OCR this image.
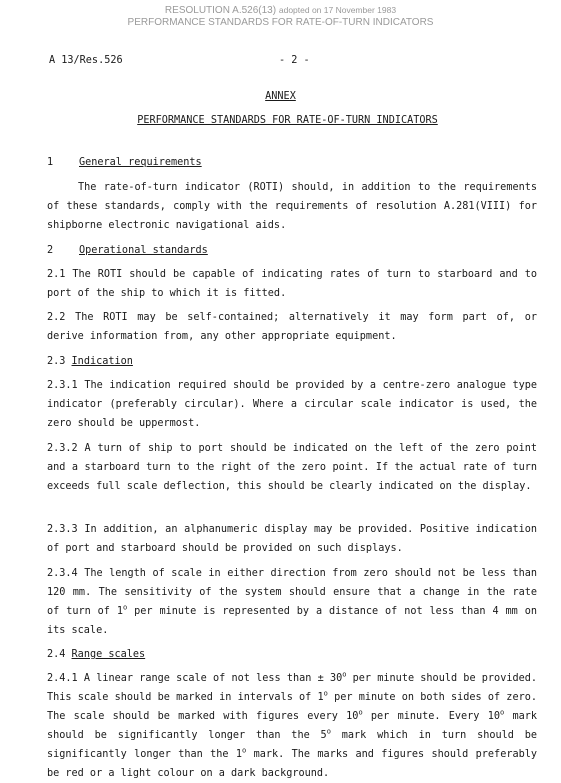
RESOLUTION A.526(13) adopted on 17 November 1983
PERFORMANCE STANDARDS FOR RATE-OF-TURN INDICATORS
A 13/Res.526	- 2 -
ANNEX
PERFORMANCE STANDARDS FOR RATE-OF-TURN INDICATORS
1	General requirements
The rate-of-turn indicator (ROTI) should, in addition to the requirements of these standards, comply with the requirements of resolution A.281(VIII) for shipborne electronic navigational aids.
2	Operational standards
2.1 The ROTI should be capable of indicating rates of turn to starboard and to port of the ship to which it is fitted.
2.2 The ROTI may be self-contained; alternatively it may form part of, or derive information from, any other appropriate equipment.
2.3 Indication
2.3.1 The indication required should be provided by a centre-zero analogue type indicator (preferably circular). Where a circular scale indicator is used, the zero should be uppermost.
2.3.2 A turn of ship to port should be indicated on the left of the zero point and a starboard turn to the right of the zero point. If the actual rate of turn exceeds full scale deflection, this should be clearly indicated on the display.
2.3.3 In addition, an alphanumeric display may be provided. Positive indication of port and starboard should be provided on such displays.
2.3.4 The length of scale in either direction from zero should not be less than 120 mm. The sensitivity of the system should ensure that a change in the rate of turn of 1$^o$ per minute is represented by a distance of not less than 4 mm on its scale.
2.4 Range scales
2.4.1 A linear range scale of not less than ± $30^o$ per minute should be provided. This scale should be marked in intervals of 1$^o$ per minute on both sides of zero. The scale should be marked with figures every 10$^o$ per minute. Every 10$^o$ mark should be significantly longer than the 5$^o$ mark which in turn should be significantly longer than the 1$^o$ mark. The marks and figures should preferably be red or a light colour on a dark background.
